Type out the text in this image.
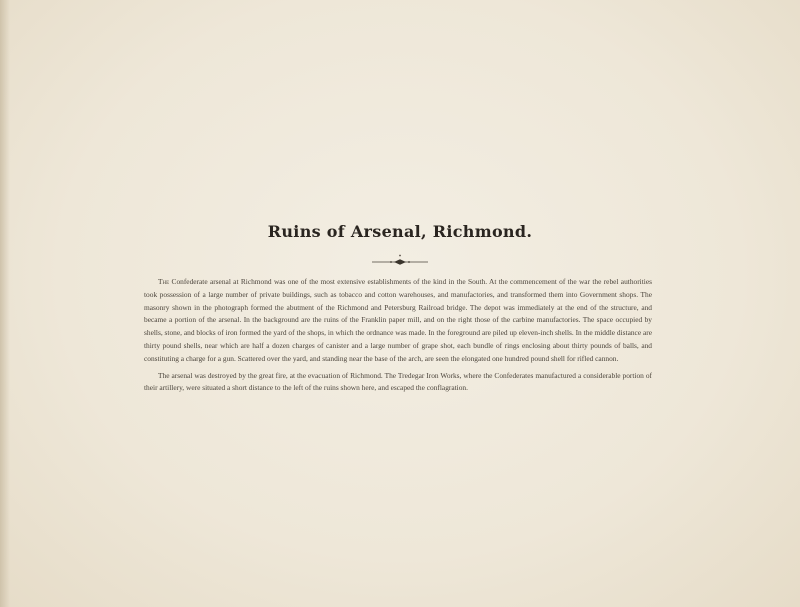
Ruins of Arsenal, Richmond.

The Confederate arsenal at Richmond was one of the most extensive establishments of the kind in the South. At the commencement of the war the rebel authorities took possession of a large number of private buildings, such as tobacco and cotton warehouses, and manufactories, and transformed them into Government shops. The masonry shown in the photograph formed the abutment of the Richmond and Petersburg Railroad bridge. The depot was immediately at the end of the structure, and became a portion of the arsenal. In the background are the ruins of the Franklin paper mill, and on the right those of the carbine manufactories. The space occupied by shells, stone, and blocks of iron formed the yard of the shops, in which the ordnance was made. In the foreground are piled up eleven-inch shells. In the middle distance are thirty pound shells, near which are half a dozen charges of canister and a large number of grape shot, each bundle of rings enclosing about thirty pounds of balls, and constituting a charge for a gun. Scattered over the yard, and standing near the base of the arch, are seen the elongated one hundred pound shell for rifled cannon.

The arsenal was destroyed by the great fire, at the evacuation of Richmond. The Tredegar Iron Works, where the Confederates manufactured a considerable portion of their artillery, were situated a short distance to the left of the ruins shown here, and escaped the conflagration.
